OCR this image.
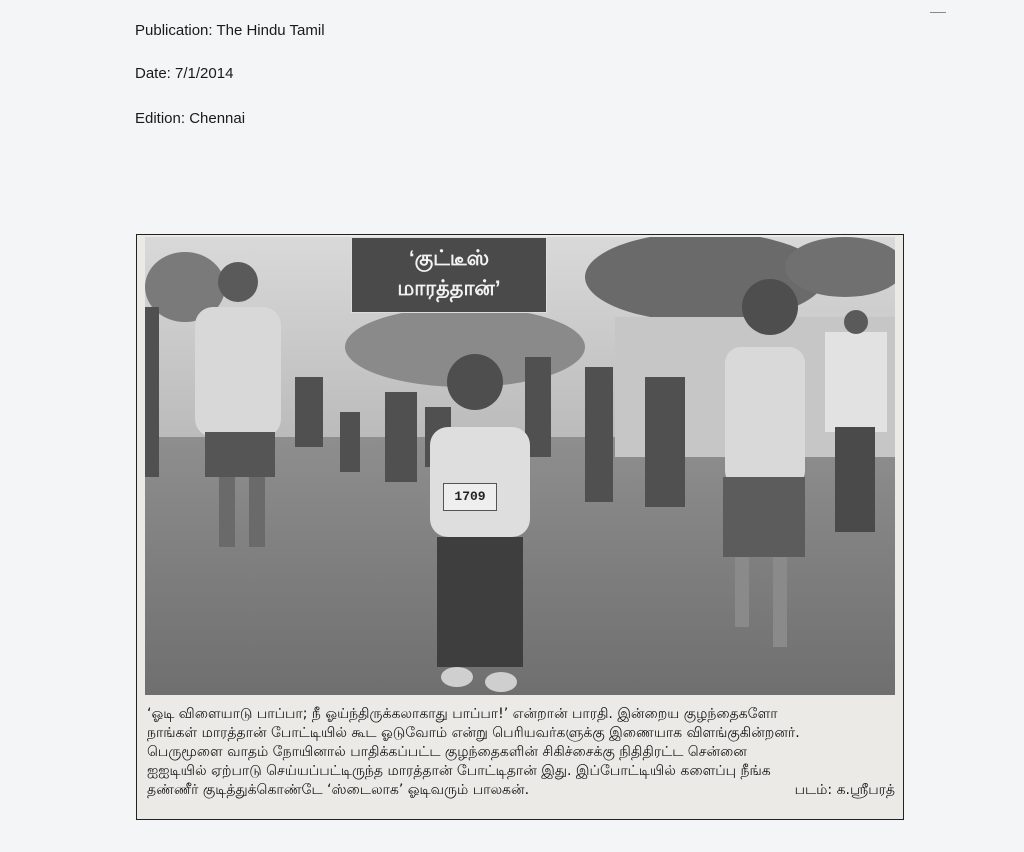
Publication: The Hindu Tamil
Date: 7/1/2014
Edition: Chennai
‘குட்டீஸ்
மாரத்தான்’
1709
‘ஓடி விளையாடு பாப்பா; நீ ஓய்ந்திருக்கலாகாது பாப்பா!’ என்றான் பாரதி. இன்றைய குழந்தைகளோ
நாங்கள் மாரத்தான் போட்டியில் கூட ஓடுவோம் என்று பெரியவர்களுக்கு இணையாக விளங்குகின்றனர்.
பெருமூளை வாதம் நோயினால் பாதிக்கப்பட்ட குழந்தைகளின் சிகிச்சைக்கு நிதிதிரட்ட சென்னை
ஐஐடியில் ஏற்பாடு செய்யப்பட்டிருந்த மாரத்தான் போட்டிதான் இது. இப்போட்டியில் களைப்பு நீங்க
தண்ணீர் குடித்துக்கொண்டே ‘ஸ்டைலாக’ ஓடிவரும் பாலகன்.	படம்: க.ஸ்ரீபரத்
